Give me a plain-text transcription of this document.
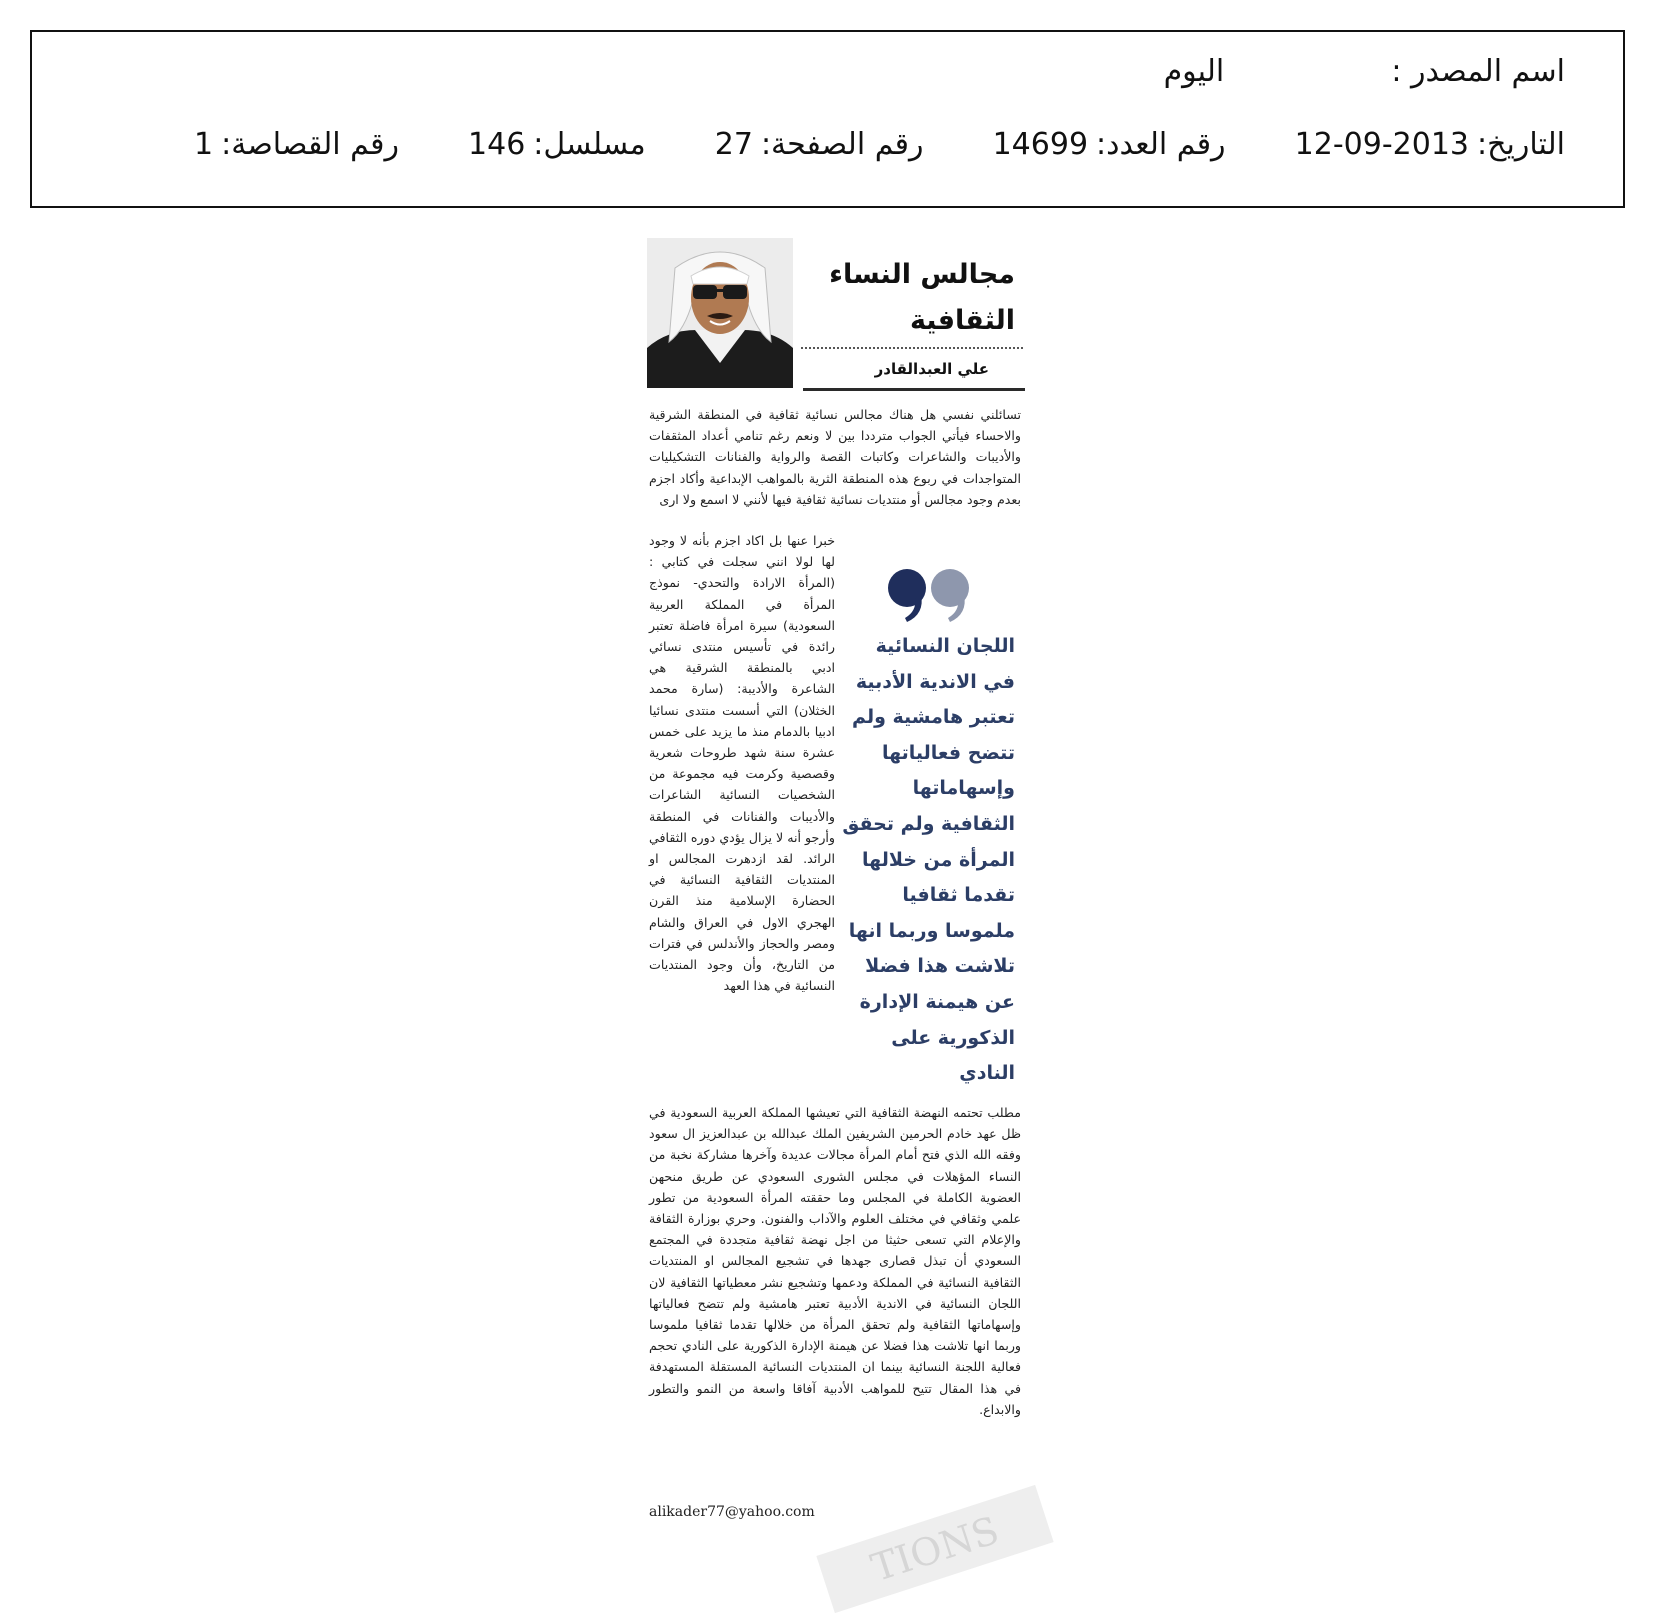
اسم المصدر :  اليوم
التاريخ:2013-09-12  رقم العدد:14699  رقم الصفحة:27  مسلسل:146  رقم القصاصة:1
TIONS
مجالس النساء
الثقافية
علي العبدالقادر

تسائلني نفسي هل هناك مجالس نسائية ثقافية في المنطقة الشرقية والاحساء فيأتي الجواب مترددا بين لا ونعم رغم تنامي أعداد المثقفات والأديبات والشاعرات وكاتبات القصة والرواية والفنانات التشكيليات المتواجدات في ربوع هذه المنطقة الثرية بالمواهب الإبداعية وأكاد اجزم بعدم وجود مجالس أو منتديات نسائية ثقافية فيها لأنني لا اسمع ولا ارى

اللجان النسائية في الاندية الأدبية تعتبر هامشية ولم تتضح فعالياتها وإسهاماتها الثقافية ولم تحقق المرأة من خلالها تقدما ثقافيا ملموسا وربما انها تلاشت هذا فضلا عن هيمنة الإدارة الذكورية على النادي

خبرا عنها بل اكاد اجزم بأنه لا وجود لها لولا انني سجلت في كتابي :(المرأة الارادة والتحدي- نموذج المرأة في المملكة العربية السعودية) سيرة امرأة فاضلة تعتبر رائدة في تأسيس منتدى نسائي ادبي بالمنطقة الشرقية هي الشاعرة والأديبة: (سارة محمد الخثلان) التي أسست منتدى نسائيا ادبيا بالدمام منذ ما يزيد على خمس عشرة سنة شهد طروحات شعرية وقصصية وكرمت فيه مجموعة من الشخصيات النسائية الشاعرات والأديبات والفنانات في المنطقة وأرجو أنه لا يزال يؤدي دوره الثقافي الرائد. لقد ازدهرت المجالس او المنتديات الثقافية النسائية في الحضارة الإسلامية منذ القرن الهجري الاول في العراق والشام ومصر والحجاز والأندلس في فترات من التاريخ، وأن وجود المنتديات النسائية في هذا العهد

مطلب تحتمه النهضة الثقافية التي تعيشها المملكة العربية السعودية في ظل عهد خادم الحرمين الشريفين الملك عبدالله بن عبدالعزيز ال سعود وفقه الله الذي فتح أمام المرأة مجالات عديدة وآخرها مشاركة نخبة من النساء المؤهلات في مجلس الشورى السعودي عن طريق منحهن العضوية الكاملة في المجلس وما حققته المرأة السعودية من تطور علمي وثقافي في مختلف العلوم والآداب والفنون. وحري بوزارة الثقافة والإعلام التي تسعى حثيثا من اجل نهضة ثقافية متجددة في المجتمع السعودي أن تبذل قصارى جهدها في تشجيع المجالس او المنتديات الثقافية النسائية في المملكة ودعمها وتشجيع نشر معطياتها الثقافية لان اللجان النسائية في الاندية الأدبية تعتبر هامشية ولم تتضح فعالياتها وإسهاماتها الثقافية ولم تحقق المرأة من خلالها تقدما ثقافيا ملموسا وربما انها تلاشت هذا فضلا عن هيمنة الإدارة الذكورية على النادي تحجم فعالية اللجنة النسائية بينما ان المنتديات النسائية المستقلة المستهدفة في هذا المقال تتيح للمواهب الأدبية آفاقا واسعة من النمو والتطور والابداع.

alikader77@yahoo.com
